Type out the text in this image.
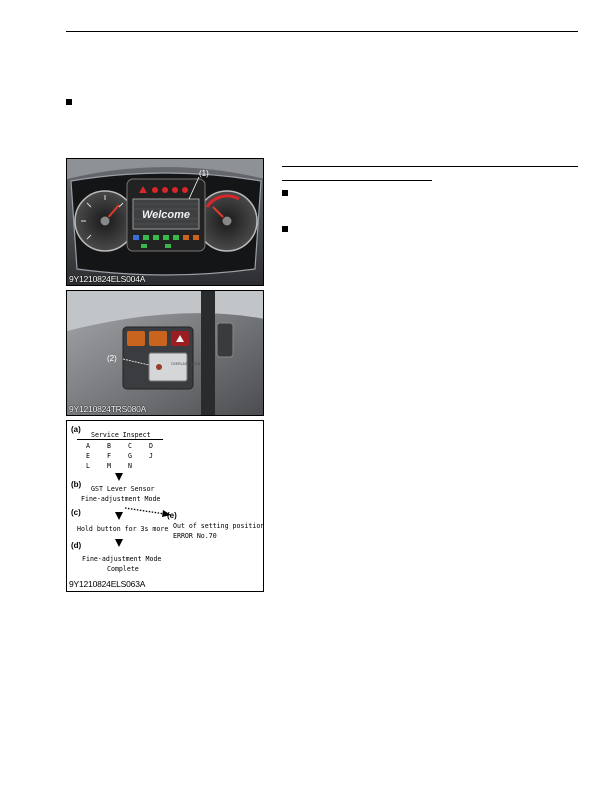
Welcome
(1)
9Y1210824ELS004A
OVERLAST PEDAL
(2)
9Y1210824TRS080A
(a)
Service Inspect
A	B	C	D
E	F	G	J
L	M	N
(b) GST Lever Sensor
Fine-adjustment Mode
(c)
Hold button for 3s more
(e)
Out of setting position
ERROR No.70
(d)
Fine-adjustment Mode
Complete
9Y1210824ELS063A
